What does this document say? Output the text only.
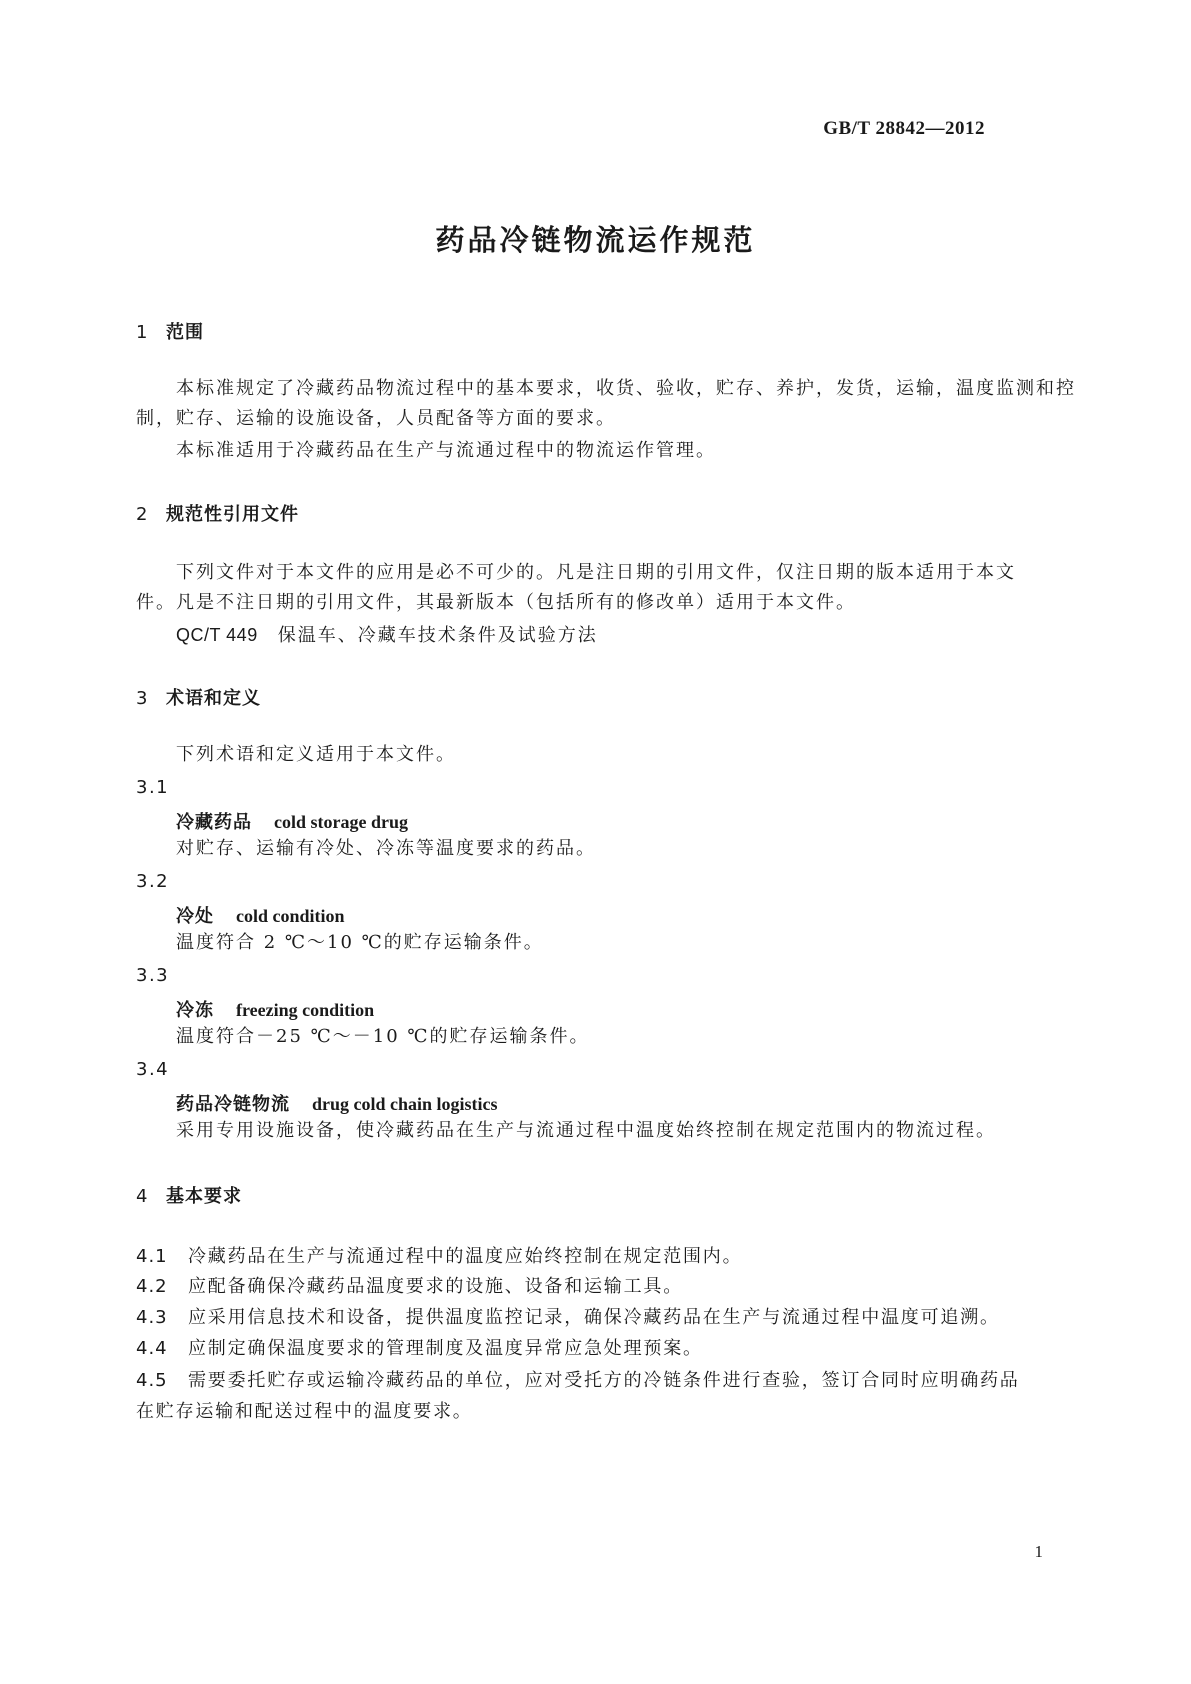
GB/T 28842—2012
药品冷链物流运作规范
1 范围
本标准规定了冷藏药品物流过程中的基本要求，收货、验收，贮存、养护，发货，运输，温度监测和控
制，贮存、运输的设施设备，人员配备等方面的要求。
本标准适用于冷藏药品在生产与流通过程中的物流运作管理。
2 规范性引用文件
下列文件对于本文件的应用是必不可少的。凡是注日期的引用文件，仅注日期的版本适用于本文
件。凡是不注日期的引用文件，其最新版本（包括所有的修改单）适用于本文件。
QC/T 449 保温车、冷藏车技术条件及试验方法
3 术语和定义
下列术语和定义适用于本文件。
3.1
冷藏药品 cold storage drug
对贮存、运输有冷处、冷冻等温度要求的药品。
3.2
冷处 cold condition
温度符合 2 ℃～10 ℃的贮存运输条件。
3.3
冷冻 freezing condition
温度符合－25 ℃～－10 ℃的贮存运输条件。
3.4
药品冷链物流 drug cold chain logistics
采用专用设施设备，使冷藏药品在生产与流通过程中温度始终控制在规定范围内的物流过程。
4 基本要求
4.1 冷藏药品在生产与流通过程中的温度应始终控制在规定范围内。
4.2 应配备确保冷藏药品温度要求的设施、设备和运输工具。
4.3 应采用信息技术和设备，提供温度监控记录，确保冷藏药品在生产与流通过程中温度可追溯。
4.4 应制定确保温度要求的管理制度及温度异常应急处理预案。
4.5 需要委托贮存或运输冷藏药品的单位，应对受托方的冷链条件进行查验，签订合同时应明确药品
在贮存运输和配送过程中的温度要求。
1
